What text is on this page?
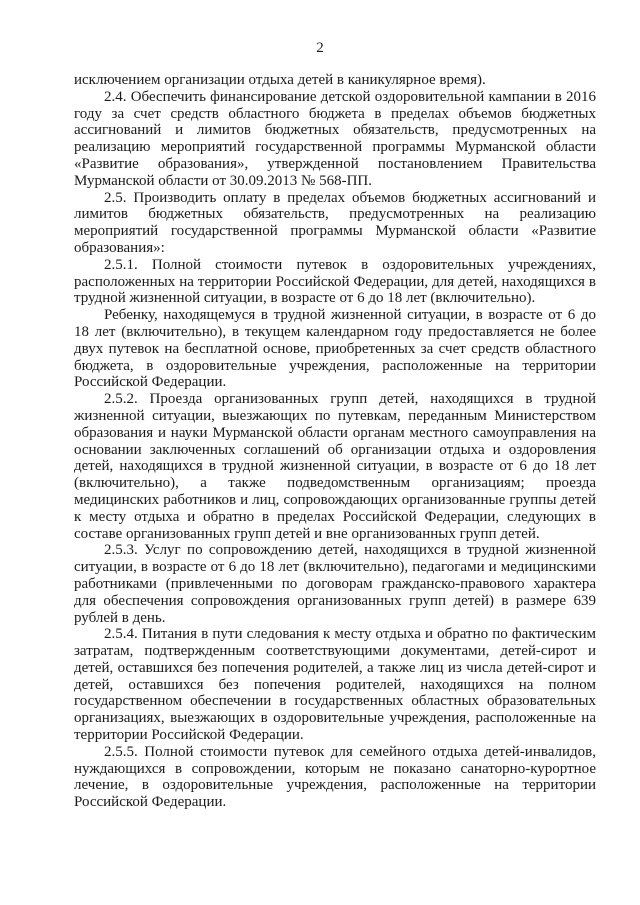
2

исключением организации отдыха детей в каникулярное время).

2.4. Обеспечить финансирование детской оздоровительной кампании в 2016 году за счет средств областного бюджета в пределах объемов бюджетных ассигнований и лимитов бюджетных обязательств, предусмотренных на реализацию мероприятий государственной программы Мурманской области «Развитие образования», утвержденной постановлением Правительства Мурманской области от 30.09.2013 № 568-ПП.

2.5. Производить оплату в пределах объемов бюджетных ассигнований и лимитов бюджетных обязательств, предусмотренных на реализацию мероприятий государственной программы Мурманской области «Развитие образования»:

2.5.1. Полной стоимости путевок в оздоровительных учреждениях, расположенных на территории Российской Федерации, для детей, находящихся в трудной жизненной ситуации, в возрасте от 6 до 18 лет (включительно).

Ребенку, находящемуся в трудной жизненной ситуации, в возрасте от 6 до 18 лет (включительно), в текущем календарном году предоставляется не более двух путевок на бесплатной основе, приобретенных за счет средств областного бюджета, в оздоровительные учреждения, расположенные на территории Российской Федерации.

2.5.2. Проезда организованных групп детей, находящихся в трудной жизненной ситуации, выезжающих по путевкам, переданным Министерством образования и науки Мурманской области органам местного самоуправления на основании заключенных соглашений об организации отдыха и оздоровления детей, находящихся в трудной жизненной ситуации, в возрасте от 6 до 18 лет (включительно), а также подведомственным организациям; проезда медицинских работников и лиц, сопровождающих организованные группы детей к месту отдыха и обратно в пределах Российской Федерации, следующих в составе организованных групп детей и вне организованных групп детей.

2.5.3. Услуг по сопровождению детей, находящихся в трудной жизненной ситуации, в возрасте от 6 до 18 лет (включительно), педагогами и медицинскими работниками (привлеченными по договорам гражданско-правового характера для обеспечения сопровождения организованных групп детей) в размере 639 рублей в день.

2.5.4. Питания в пути следования к месту отдыха и обратно по фактическим затратам, подтвержденным соответствующими документами, детей-сирот и детей, оставшихся без попечения родителей, а также лиц из числа детей-сирот и детей, оставшихся без попечения родителей, находящихся на полном государственном обеспечении в государственных областных образовательных организациях, выезжающих в оздоровительные учреждения, расположенные на территории Российской Федерации.

2.5.5. Полной стоимости путевок для семейного отдыха детей-инвалидов, нуждающихся в сопровождении, которым не показано санаторно-курортное лечение, в оздоровительные учреждения, расположенные на территории Российской Федерации.
